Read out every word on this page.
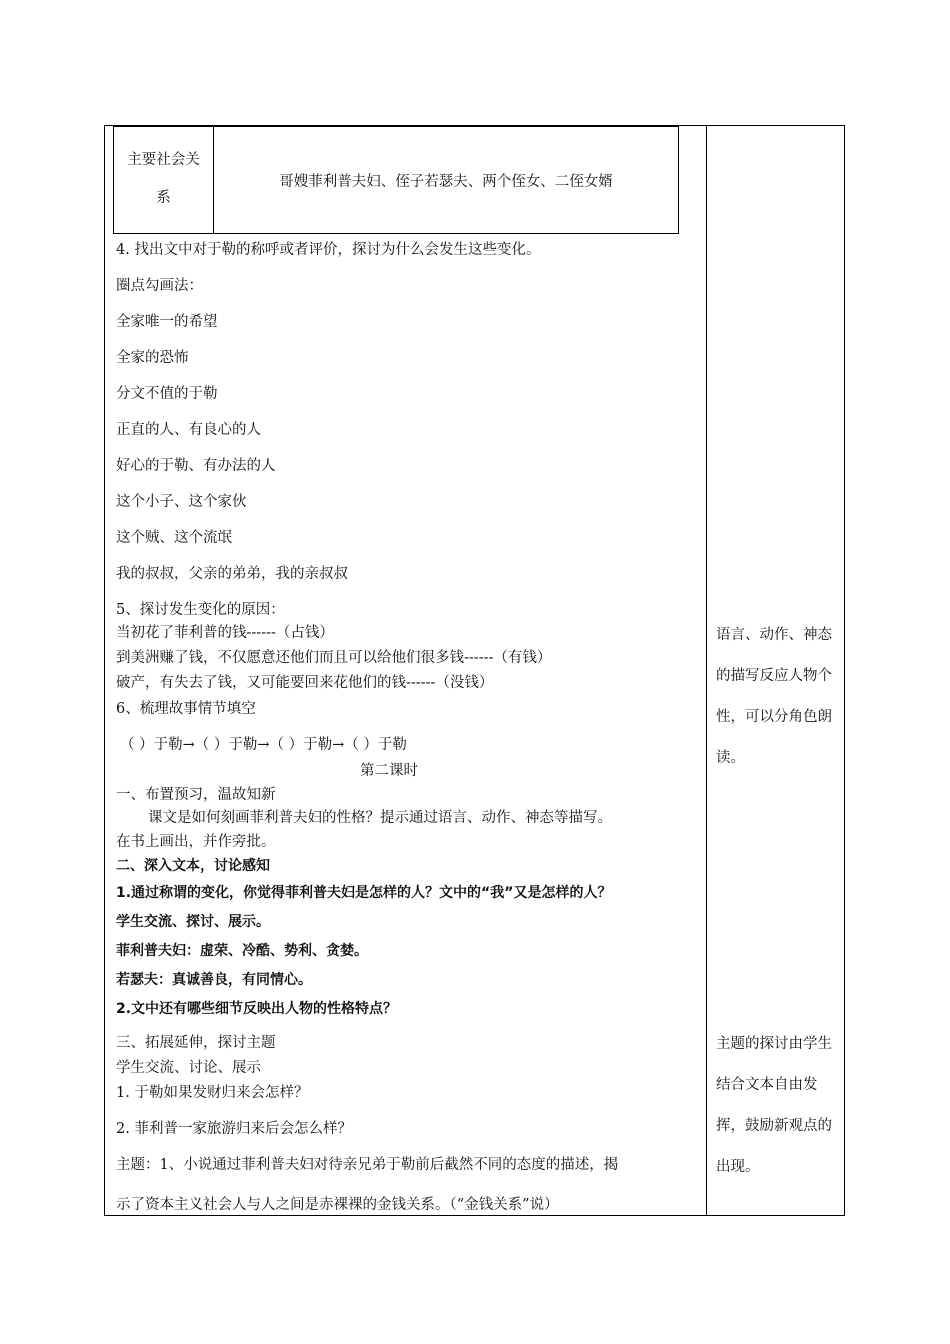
主要社会关
系
哥嫂菲利普夫妇、侄子若瑟夫、两个侄女、二侄女婿
4. 找出文中对于勒的称呼或者评价，探讨为什么会发生这些变化。
圈点勾画法：
全家唯一的希望
全家的恐怖
分文不值的于勒
正直的人、有良心的人
好心的于勒、有办法的人
这个小子、这个家伙
这个贼、这个流氓
我的叔叔，父亲的弟弟，我的亲叔叔
5、探讨发生变化的原因：
当初花了菲利普的钱------（占钱）
到美洲赚了钱，不仅愿意还他们而且可以给他们很多钱------（有钱）
破产，有失去了钱，又可能要回来花他们的钱------（没钱）
6、梳理故事情节填空
（ ）于勒→（ ）于勒→（ ）于勒→（ ）于勒
第二课时
一、布置预习，温故知新
课文是如何刻画菲利普夫妇的性格？提示通过语言、动作、神态等描写。
在书上画出，并作旁批。
二、深入文本，讨论感知
1.通过称谓的变化，你觉得菲利普夫妇是怎样的人？文中的“我”又是怎样的人？
学生交流、探讨、展示。
菲利普夫妇：虚荣、冷酷、势利、贪婪。
若瑟夫：真诚善良，有同情心。
2.文中还有哪些细节反映出人物的性格特点？
三、拓展延伸，探讨主题
学生交流、讨论、展示
1. 于勒如果发财归来会怎样？
2. 菲利普一家旅游归来后会怎么样？
主题：1、小说通过菲利普夫妇对待亲兄弟于勒前后截然不同的态度的描述，揭
示了资本主义社会人与人之间是赤裸裸的金钱关系。（“金钱关系”说）
语言、动作、神态的描写反应人物个性，可以分角色朗读。
主题的探讨由学生结合文本自由发挥，鼓励新观点的出现。
